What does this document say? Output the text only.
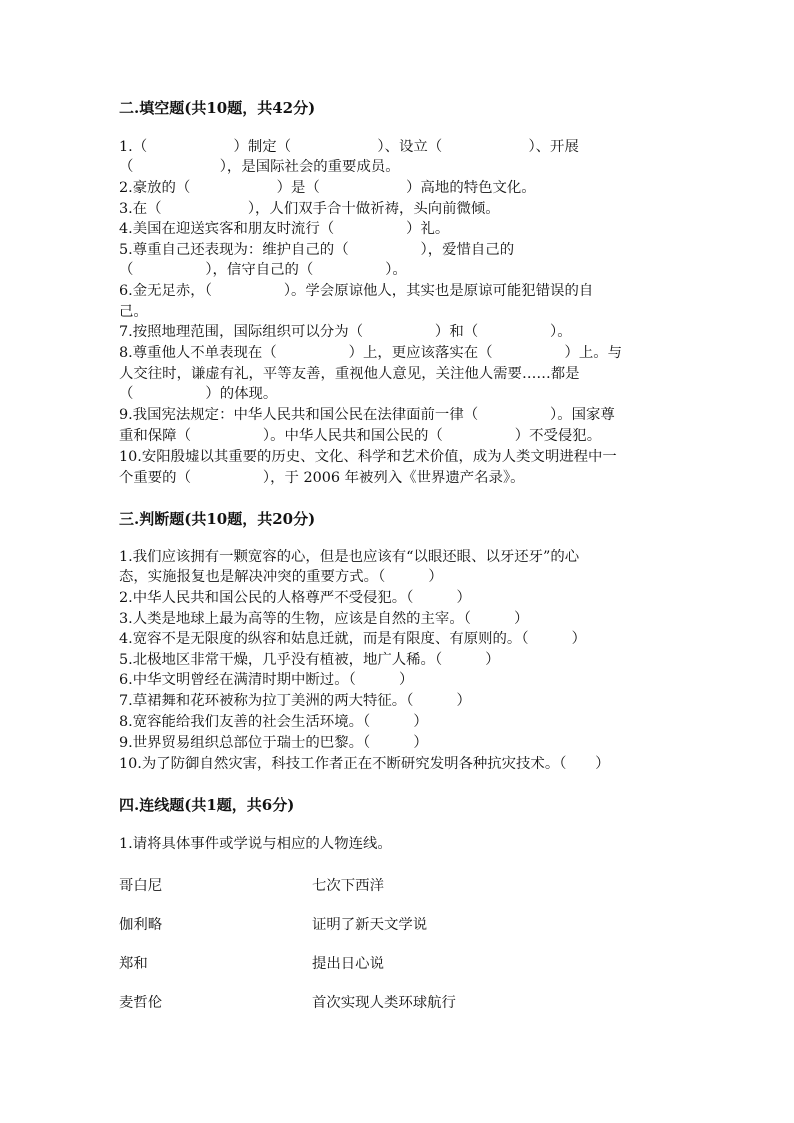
二.填空题(共10题，共42分)
1.（　　　　　　）制定（　　　　　　）、设立（　　　　　　）、开展
（　　　　　　），是国际社会的重要成员。
2.豪放的（　　　　　　）是（　　　　　　）高地的特色文化。
3.在（　　　　　　），人们双手合十做祈祷，头向前微倾。
4.美国在迎送宾客和朋友时流行（　　　　　）礼。
5.尊重自己还表现为：维护自己的（　　　　　），爱惜自己的
（　　　　　），信守自己的（　　　　　）。
6.金无足赤，（　　　　　）。学会原谅他人，其实也是原谅可能犯错误的自
己。
7.按照地理范围，国际组织可以分为（　　　　　）和（　　　　　）。
8.尊重他人不单表现在（　　　　　）上，更应该落实在（　　　　　）上。与
人交往时，谦虚有礼，平等友善，重视他人意见，关注他人需要……都是
（　　　　　）的体现。
9.我国宪法规定：中华人民共和国公民在法律面前一律（　　　　　）。国家尊
重和保障（　　　　　）。中华人民共和国公民的（　　　　　）不受侵犯。
10.安阳殷墟以其重要的历史、文化、科学和艺术价值，成为人类文明进程中一
个重要的（　　　　　），于 2006 年被列入《世界遗产名录》。
三.判断题(共10题，共20分)
1.我们应该拥有一颗宽容的心，但是也应该有“以眼还眼、以牙还牙”的心
态，实施报复也是解决冲突的重要方式。（　　　）
2.中华人民共和国公民的人格尊严不受侵犯。（　　　）
3.人类是地球上最为高等的生物，应该是自然的主宰。（　　　）
4.宽容不是无限度的纵容和姑息迁就，而是有限度、有原则的。（　　　）
5.北极地区非常干燥，几乎没有植被，地广人稀。（　　　）
6.中华文明曾经在满清时期中断过。（　　　）
7.草裙舞和花环被称为拉丁美洲的两大特征。（　　　）
8.宽容能给我们友善的社会生活环境。（　　　）
9.世界贸易组织总部位于瑞士的巴黎。（　　　）
10.为了防御自然灾害，科技工作者正在不断研究发明各种抗灾技术。（　　）
四.连线题(共1题，共6分)
1.请将具体事件或学说与相应的人物连线。
哥白尼	七次下西洋
伽利略	证明了新天文学说
郑和	提出日心说
麦哲伦	首次实现人类环球航行
